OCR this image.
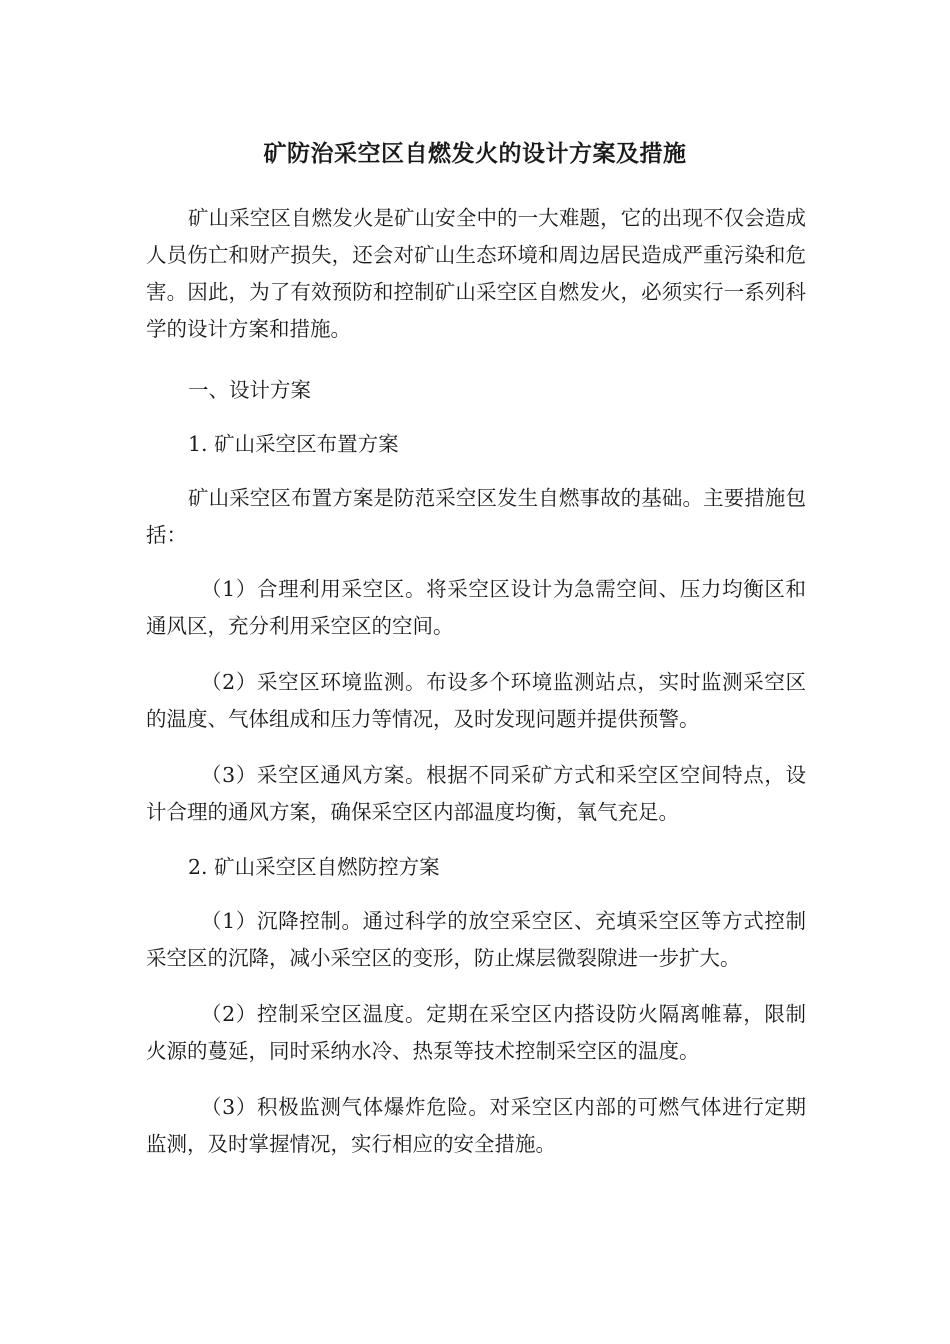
矿防治采空区自燃发火的设计方案及措施

矿山采空区自燃发火是矿山安全中的一大难题，它的出现不仅会造成人员伤亡和财产损失，还会对矿山生态环境和周边居民造成严重污染和危害。因此，为了有效预防和控制矿山采空区自燃发火，必须实行一系列科学的设计方案和措施。

一、设计方案

1. 矿山采空区布置方案

矿山采空区布置方案是防范采空区发生自燃事故的基础。主要措施包括：

（1）合理利用采空区。将采空区设计为急需空间、压力均衡区和通风区，充分利用采空区的空间。

（2）采空区环境监测。布设多个环境监测站点，实时监测采空区的温度、气体组成和压力等情况，及时发现问题并提供预警。

（3）采空区通风方案。根据不同采矿方式和采空区空间特点，设计合理的通风方案，确保采空区内部温度均衡，氧气充足。

2. 矿山采空区自燃防控方案

（1）沉降控制。通过科学的放空采空区、充填采空区等方式控制采空区的沉降，减小采空区的变形，防止煤层微裂隙进一步扩大。

（2）控制采空区温度。定期在采空区内搭设防火隔离帷幕，限制火源的蔓延，同时采纳水冷、热泵等技术控制采空区的温度。

（3）积极监测气体爆炸危险。对采空区内部的可燃气体进行定期监测，及时掌握情况，实行相应的安全措施。
